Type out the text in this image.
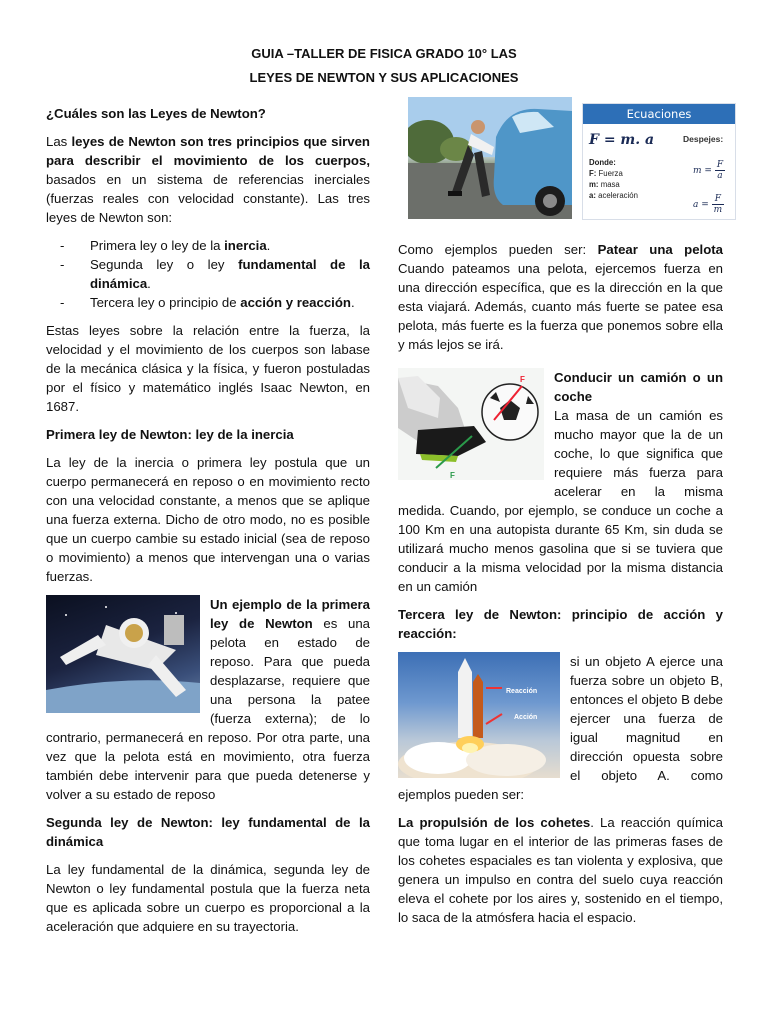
GUIA –TALLER DE FISICA GRADO 10° LAS
LEYES DE NEWTON Y SUS APLICACIONES
Ecuaciones
F = m. a	Despejes:
Donde:
F: Fuerza
m: masa
a: aceleración
$m = \frac{F}{a}$
$a = \frac{F}{m}$

¿Cuáles son las Leyes de Newton?

Las leyes de Newton son tres principios que sirven para describir el movimiento de los cuerpos, basados en un sistema de referencias inerciales (fuerzas reales con velocidad constante). Las tres leyes de Newton son:

- Primera ley o ley de la inercia.
- Segunda ley o ley fundamental de la dinámica.
- Tercera ley o principio de acción y reacción.

Estas leyes sobre la relación entre la fuerza, la velocidad y el movimiento de los cuerpos son labase de la mecánica clásica y la física, y fueron postuladas por el físico y matemático inglés Isaac Newton, en 1687.

Primera ley de Newton: ley de la inercia

La ley de la inercia o primera ley postula que un cuerpo permanecerá en reposo o en movimiento recto con una velocidad constante, a menos que se aplique una fuerza externa. Dicho de otro modo, no es posible que un cuerpo cambie su estado inicial (sea de reposo o movimiento) a menos que intervengan una o varias fuerzas.

Un ejemplo de la primera ley de Newton es una pelota en estado de reposo. Para que pueda desplazarse, requiere que una persona la patee (fuerza externa); de lo contrario, permanecerá en reposo. Por otra parte, una vez que la pelota está en movimiento, otra fuerza también debe intervenir para que pueda detenerse y volver a su estado de reposo

Segunda ley de Newton: ley fundamental de la dinámica

La ley fundamental de la dinámica, segunda ley de Newton o ley fundamental postula que la fuerza neta que es aplicada sobre un cuerpo es proporcional a la aceleración que adquiere en su trayectoria.

Como ejemplos pueden ser: Patear una pelota Cuando pateamos una pelota, ejercemos fuerza en una dirección específica, que es la dirección en la que esta viajará. Además, cuanto más fuerte se patee esa pelota, más fuerte es la fuerza que ponemos sobre ella y más lejos se irá.

F
F
Conducir un camión o un coche
La masa de un camión es mucho mayor que la de un coche, lo que significa que requiere más fuerza para acelerar en la misma medida. Cuando, por ejemplo, se conduce un coche a 100 Km en una autopista durante 65 Km, sin duda se utilizará mucho menos gasolina que si se tuviera que conducir a la misma velocidad por la misma distancia en un camión

Tercera ley de Newton: principio de acción y reacción:

Reacción
Acción
si un objeto A ejerce una fuerza sobre un objeto B, entonces el objeto B debe ejercer una fuerza de igual magnitud en dirección opuesta sobre el objeto A. como ejemplos pueden ser:

La propulsión de los cohetes. La reacción química que toma lugar en el interior de las primeras fases de los cohetes espaciales es tan violenta y explosiva, que genera un impulso en contra del suelo cuya reacción eleva el cohete por los aires y, sostenido en el tiempo, lo saca de la atmósfera hacia el espacio.
